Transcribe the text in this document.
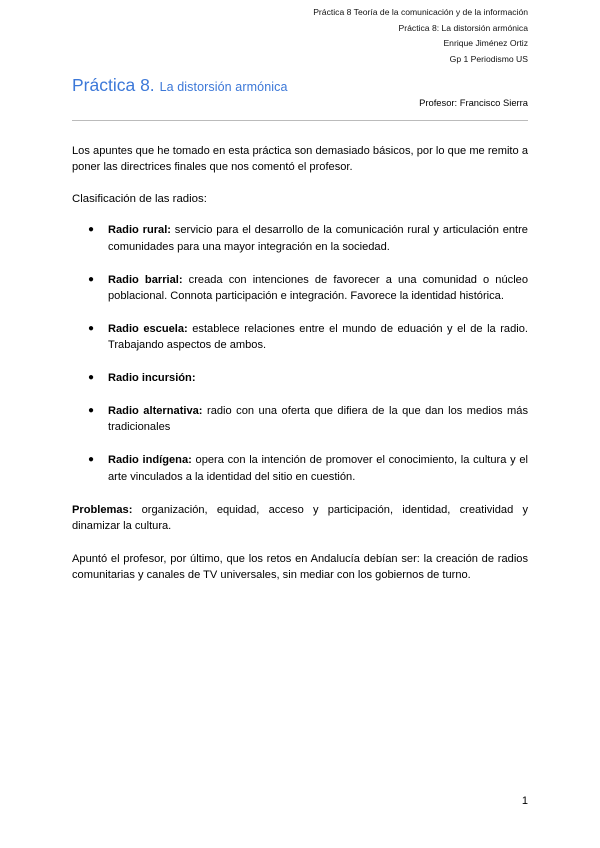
Práctica 8 Teoría de la comunicación y de la información
Práctica 8: La distorsión armónica
Enrique Jiménez Ortiz
Gp 1 Periodismo US
Práctica 8. La distorsión armónica
Profesor: Francisco Sierra

Los apuntes que he tomado en esta práctica son demasiado básicos, por lo que me remito a poner las directrices finales que nos comentó el profesor.

Clasificación de las radios:

● Radio rural: servicio para el desarrollo de la comunicación rural y articulación entre comunidades para una mayor integración en la sociedad.
● Radio barrial: creada con intenciones de favorecer a una comunidad o núcleo poblacional. Connota participación e integración. Favorece la identidad histórica.
● Radio escuela: establece relaciones entre el mundo de eduación y el de la radio. Trabajando aspectos de ambos.
● Radio incursión:
● Radio alternativa: radio con una oferta que difiera de la que dan los medios más tradicionales
● Radio indígena: opera con la intención de promover el conocimiento, la cultura y el arte vinculados a la identidad del sitio en cuestión.

Problemas: organización, equidad, acceso y participación, identidad, creatividad y dinamizar la cultura.

Apuntó el profesor, por último, que los retos en Andalucía debían ser: la creación de radios comunitarias y canales de TV universales, sin mediar con los gobiernos de turno.

1
